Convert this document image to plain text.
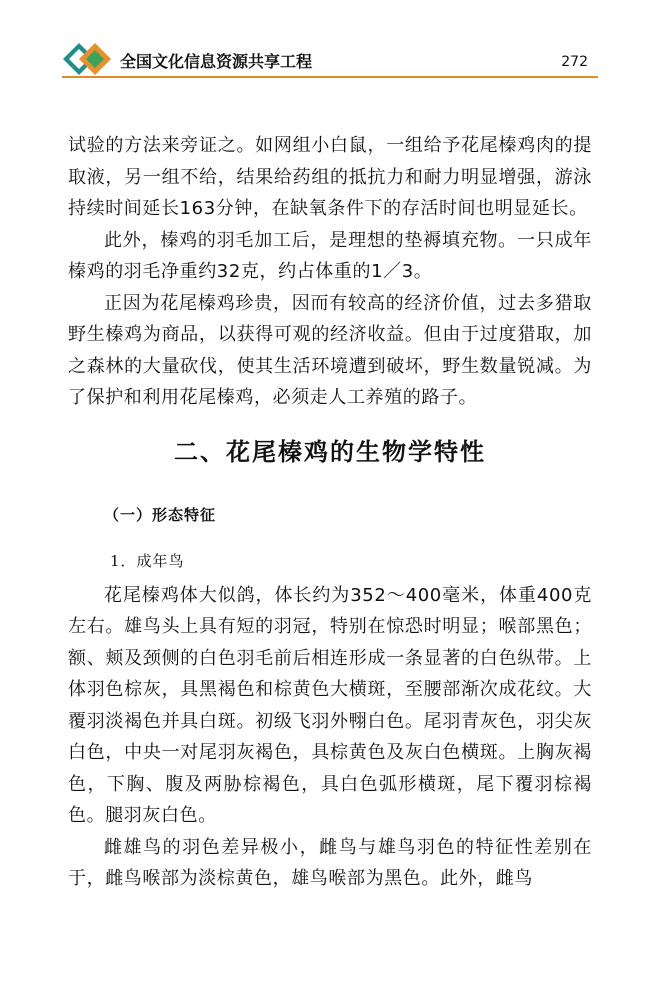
全国文化信息资源共享工程	272

试验的方法来旁证之。如网组小白鼠，一组给予花尾榛鸡肉的提取液，另一组不给，结果给药组的抵抗力和耐力明显增强，游泳持续时间延长163分钟，在缺氧条件下的存活时间也明显延长。

此外，榛鸡的羽毛加工后，是理想的垫褥填充物。一只成年榛鸡的羽毛净重约32克，约占体重的1／3。

正因为花尾榛鸡珍贵，因而有较高的经济价值，过去多猎取野生榛鸡为商品，以获得可观的经济收益。但由于过度猎取，加之森林的大量砍伐，使其生活环境遭到破坏，野生数量锐减。为了保护和利用花尾榛鸡，必须走人工养殖的路子。

二、花尾榛鸡的生物学特性
（一）形态特征
1．成年鸟

花尾榛鸡体大似鸽，体长约为352～400毫米，体重400克左右。雄鸟头上具有短的羽冠，特别在惊恐时明显；喉部黑色；额、颊及颈侧的白色羽毛前后相连形成一条显著的白色纵带。上体羽色棕灰，具黑褐色和棕黄色大横斑，至腰部渐次成花纹。大覆羽淡褐色并具白斑。初级飞羽外翈白色。尾羽青灰色，羽尖灰白色，中央一对尾羽灰褐色，具棕黄色及灰白色横斑。上胸灰褐色，下胸、腹及两胁棕褐色，具白色弧形横斑，尾下覆羽棕褐色。腿羽灰白色。

雌雄鸟的羽色差异极小，雌鸟与雄鸟羽色的特征性差别在于，雌鸟喉部为淡棕黄色，雄鸟喉部为黑色。此外，雌鸟
